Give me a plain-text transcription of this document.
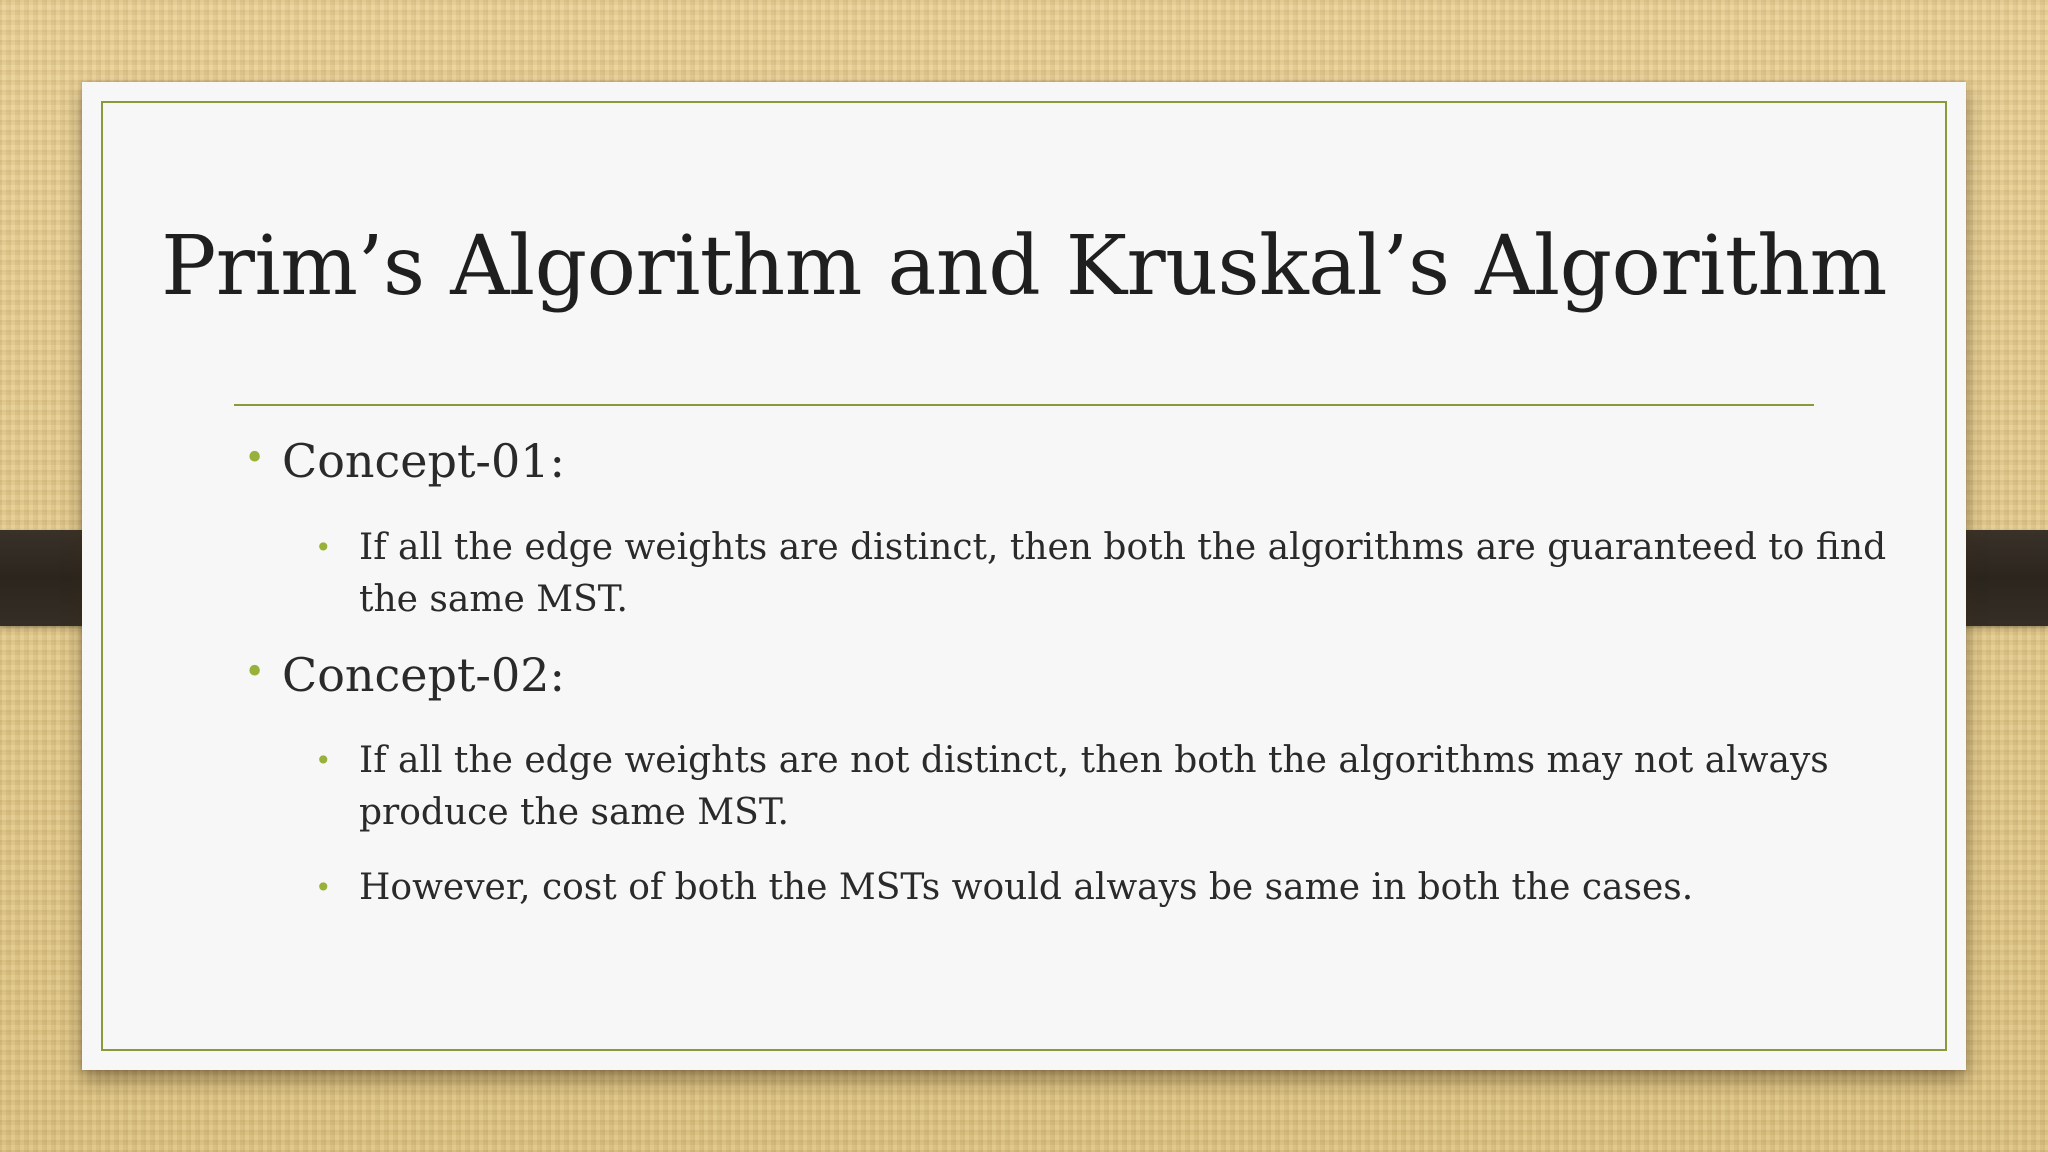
Prim’s Algorithm and Kruskal’s Algorithm
• Concept-01:
• If all the edge weights are distinct, then both the algorithms are guaranteed to find the same MST.
• Concept-02:
• If all the edge weights are not distinct, then both the algorithms may not always produce the same MST.
• However, cost of both the MSTs would always be same in both the cases.
